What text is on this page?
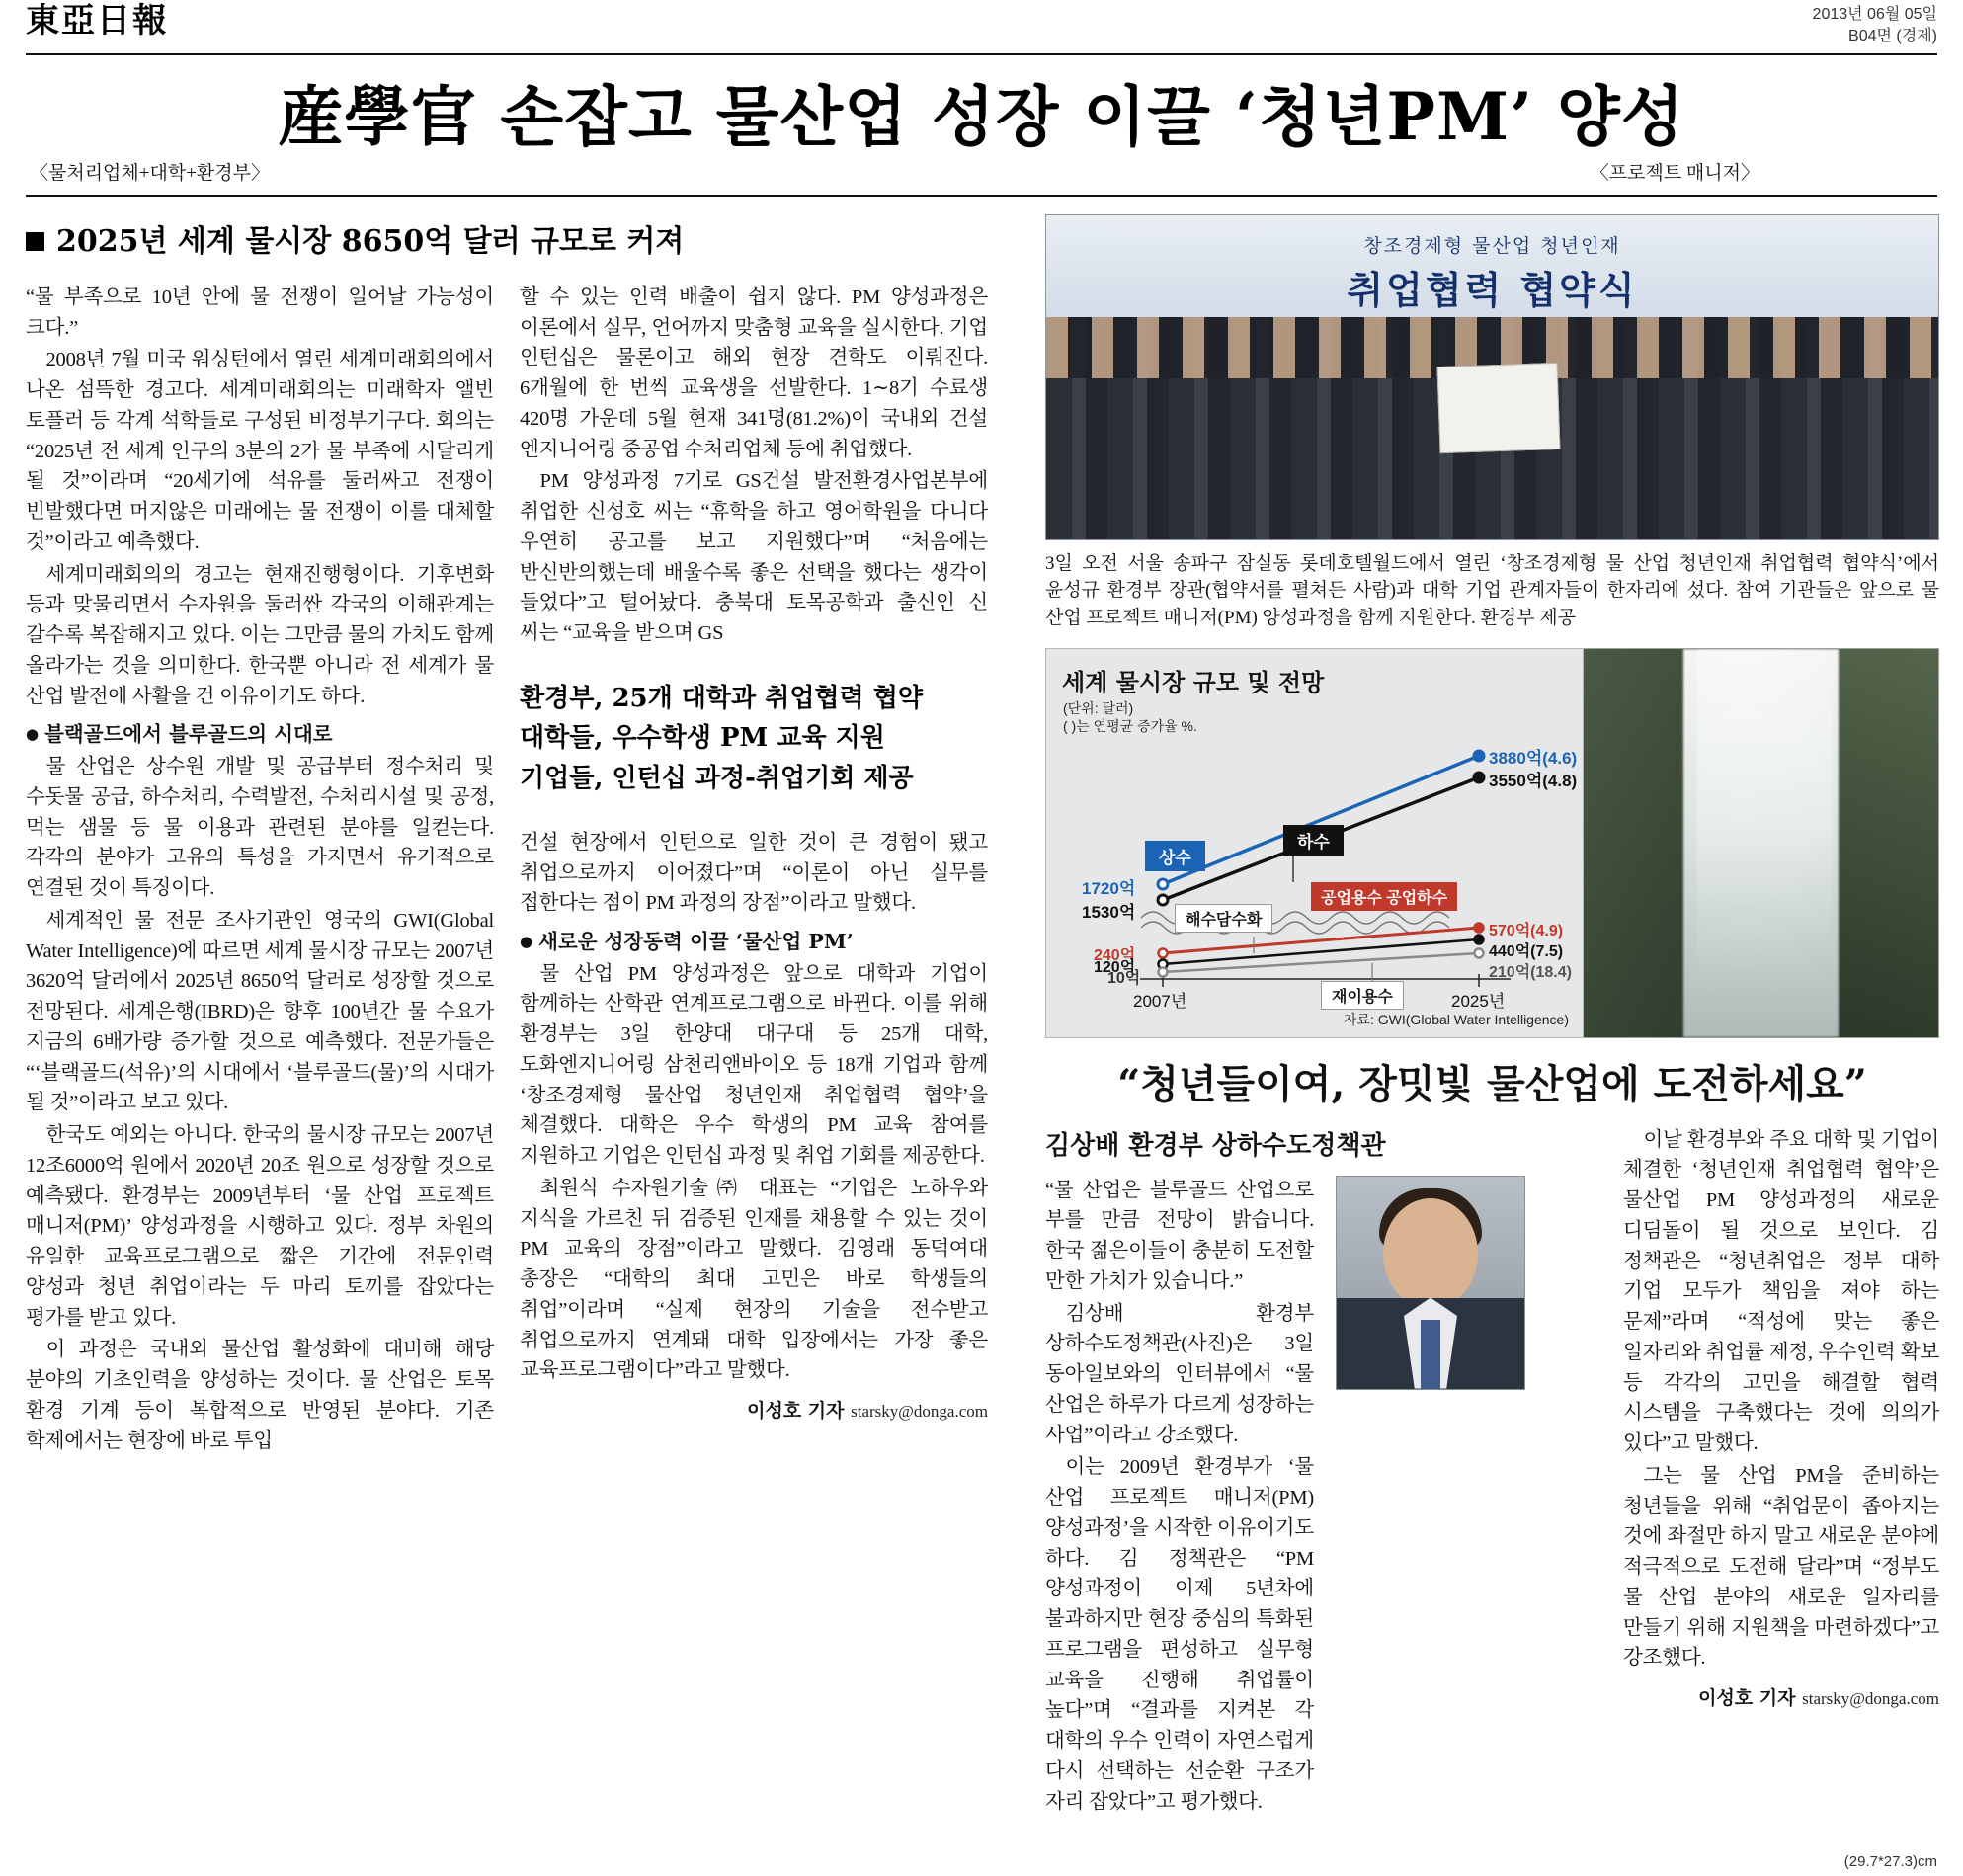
東亞日報	2013년 06월 05일
B04면 (경제)
産學官 손잡고 물산업 성장 이끌 ‘청년PM’ 양성
〈물처리업체+대학+환경부〉	〈프로젝트 매니저〉
2025년 세계 물시장 8650억 달러 규모로 커져

“물 부족으로 10년 안에 물 전쟁이 일어날 가능성이 크다.”

2008년 7월 미국 워싱턴에서 열린 세계미래회의에서 나온 섬뜩한 경고다. 세계미래회의는 미래학자 앨빈 토플러 등 각계 석학들로 구성된 비정부기구다. 회의는 “2025년 전 세계 인구의 3분의 2가 물 부족에 시달리게 될 것”이라며 “20세기에 석유를 둘러싸고 전쟁이 빈발했다면 머지않은 미래에는 물 전쟁이 이를 대체할 것”이라고 예측했다.

세계미래회의의 경고는 현재진행형이다. 기후변화 등과 맞물리면서 수자원을 둘러싼 각국의 이해관계는 갈수록 복잡해지고 있다. 이는 그만큼 물의 가치도 함께 올라가는 것을 의미한다. 한국뿐 아니라 전 세계가 물 산업 발전에 사활을 건 이유이기도 하다.

● 블랙골드에서 블루골드의 시대로

물 산업은 상수원 개발 및 공급부터 정수처리 및 수돗물 공급, 하수처리, 수력발전, 수처리시설 및 공정, 먹는 샘물 등 물 이용과 관련된 분야를 일컫는다. 각각의 분야가 고유의 특성을 가지면서 유기적으로 연결된 것이 특징이다.

세계적인 물 전문 조사기관인 영국의 GWI(Global Water Intelligence)에 따르면 세계 물시장 규모는 2007년 3620억 달러에서 2025년 8650억 달러로 성장할 것으로 전망된다. 세계은행(IBRD)은 향후 100년간 물 수요가 지금의 6배가량 증가할 것으로 예측했다. 전문가들은 “‘블랙골드(석유)’의 시대에서 ‘블루골드(물)’의 시대가 될 것”이라고 보고 있다.

한국도 예외는 아니다. 한국의 물시장 규모는 2007년 12조6000억 원에서 2020년 20조 원으로 성장할 것으로 예측됐다. 환경부는 2009년부터 ‘물 산업 프로젝트 매니저(PM)’ 양성과정을 시행하고 있다. 정부 차원의 유일한 교육프로그램으로 짧은 기간에 전문인력 양성과 청년 취업이라는 두 마리 토끼를 잡았다는 평가를 받고 있다.

이 과정은 국내외 물산업 활성화에 대비해 해당 분야의 기초인력을 양성하는 것이다. 물 산업은 토목 환경 기계 등이 복합적으로 반영된 분야다. 기존 학제에서는 현장에 바로 투입

할 수 있는 인력 배출이 쉽지 않다. PM 양성과정은 이론에서 실무, 언어까지 맞춤형 교육을 실시한다. 기업 인턴십은 물론이고 해외 현장 견학도 이뤄진다. 6개월에 한 번씩 교육생을 선발한다. 1∼8기 수료생 420명 가운데 5월 현재 341명(81.2%)이 국내외 건설 엔지니어링 중공업 수처리업체 등에 취업했다.

PM 양성과정 7기로 GS건설 발전환경사업본부에 취업한 신성호 씨는 “휴학을 하고 영어학원을 다니다 우연히 공고를 보고 지원했다”며 “처음에는 반신반의했는데 배울수록 좋은 선택을 했다는 생각이 들었다”고 털어놨다. 충북대 토목공학과 출신인 신 씨는 “교육을 받으며 GS

환경부, 25개 대학과 취업협력 협약
대학들, 우수학생 PM 교육 지원
기업들, 인턴십 과정-취업기회 제공

건설 현장에서 인턴으로 일한 것이 큰 경험이 됐고 취업으로까지 이어졌다”며 “이론이 아닌 실무를 접한다는 점이 PM 과정의 장점”이라고 말했다.

● 새로운 성장동력 이끌 ‘물산업 PM’

물 산업 PM 양성과정은 앞으로 대학과 기업이 함께하는 산학관 연계프로그램으로 바뀐다. 이를 위해 환경부는 3일 한양대 대구대 등 25개 대학, 도화엔지니어링 삼천리앤바이오 등 18개 기업과 함께 ‘창조경제형 물산업 청년인재 취업협력 협약’을 체결했다. 대학은 우수 학생의 PM 교육 참여를 지원하고 기업은 인턴십 과정 및 취업 기회를 제공한다.

최원식 수자원기술㈜ 대표는 “기업은 노하우와 지식을 가르친 뒤 검증된 인재를 채용할 수 있는 것이 PM 교육의 장점”이라고 말했다. 김영래 동덕여대 총장은 “대학의 최대 고민은 바로 학생들의 취업”이라며 “실제 현장의 기술을 전수받고 취업으로까지 연계돼 대학 입장에서는 가장 좋은 교육프로그램이다”라고 말했다.

이성호 기자 starsky@donga.com
창조경제형 물산업 청년인재
취업협력 협약식
3일 오전 서울 송파구 잠실동 롯데호텔월드에서 열린 ‘창조경제형 물 산업 청년인재 취업협력 협약식’에서 윤성규 환경부 장관(협약서를 펼쳐든 사람)과 대학 기업 관계자들이 한자리에 섰다. 참여 기관들은 앞으로 물 산업 프로젝트 매니저(PM) 양성과정을 함께 지원한다. 환경부 제공
세계 물시장 규모 및 전망
(단위: 달러)
( )는 연평균 증가율 %.
상수
하수
공업용수 공업하수
해수담수화
재이용수
3880억(4.6)
3550억(4.8)
570억(4.9)
440억(7.5)
210억(18.4)
1720억
1530억
240억
120억
10억
2007년	2025년
자료: GWI(Global Water Intelligence)
“청년들이여, 장밋빛 물산업에 도전하세요”
김상배 환경부 상하수도정책관

“물 산업은 블루골드 산업으로 부를 만큼 전망이 밝습니다. 한국 젊은이들이 충분히 도전할 만한 가치가 있습니다.”

김상배 환경부 상하수도정책관(사진)은 3일 동아일보와의 인터뷰에서 “물 산업은 하루가 다르게 성장하는 사업”이라고 강조했다.

이는 2009년 환경부가 ‘물 산업 프로젝트 매니저(PM) 양성과정’을 시작한 이유이기도 하다. 김 정책관은 “PM 양성과정이 이제 5년차에 불과하지만 현장 중심의 특화된 프로그램을 편성하고 실무형 교육을 진행해 취업률이 높다”며 “결과를 지켜본 각 대학의 우수 인력이 자연스럽게 다시 선택하는 선순환 구조가 자리 잡았다”고 평가했다.

이날 환경부와 주요 대학 및 기업이 체결한 ‘청년인재 취업협력 협약’은 물산업 PM 양성과정의 새로운 디딤돌이 될 것으로 보인다. 김 정책관은 “청년취업은 정부 대학 기업 모두가 책임을 져야 하는 문제”라며 “적성에 맞는 좋은 일자리와 취업률 제정, 우수인력 확보 등 각각의 고민을 해결할 협력 시스템을 구축했다는 것에 의의가 있다”고 말했다.

그는 물 산업 PM을 준비하는 청년들을 위해 “취업문이 좁아지는 것에 좌절만 하지 말고 새로운 분야에 적극적으로 도전해 달라”며 “정부도 물 산업 분야의 새로운 일자리를 만들기 위해 지원책을 마련하겠다”고 강조했다.

이성호 기자 starsky@donga.com
(29.7*27.3)cm
